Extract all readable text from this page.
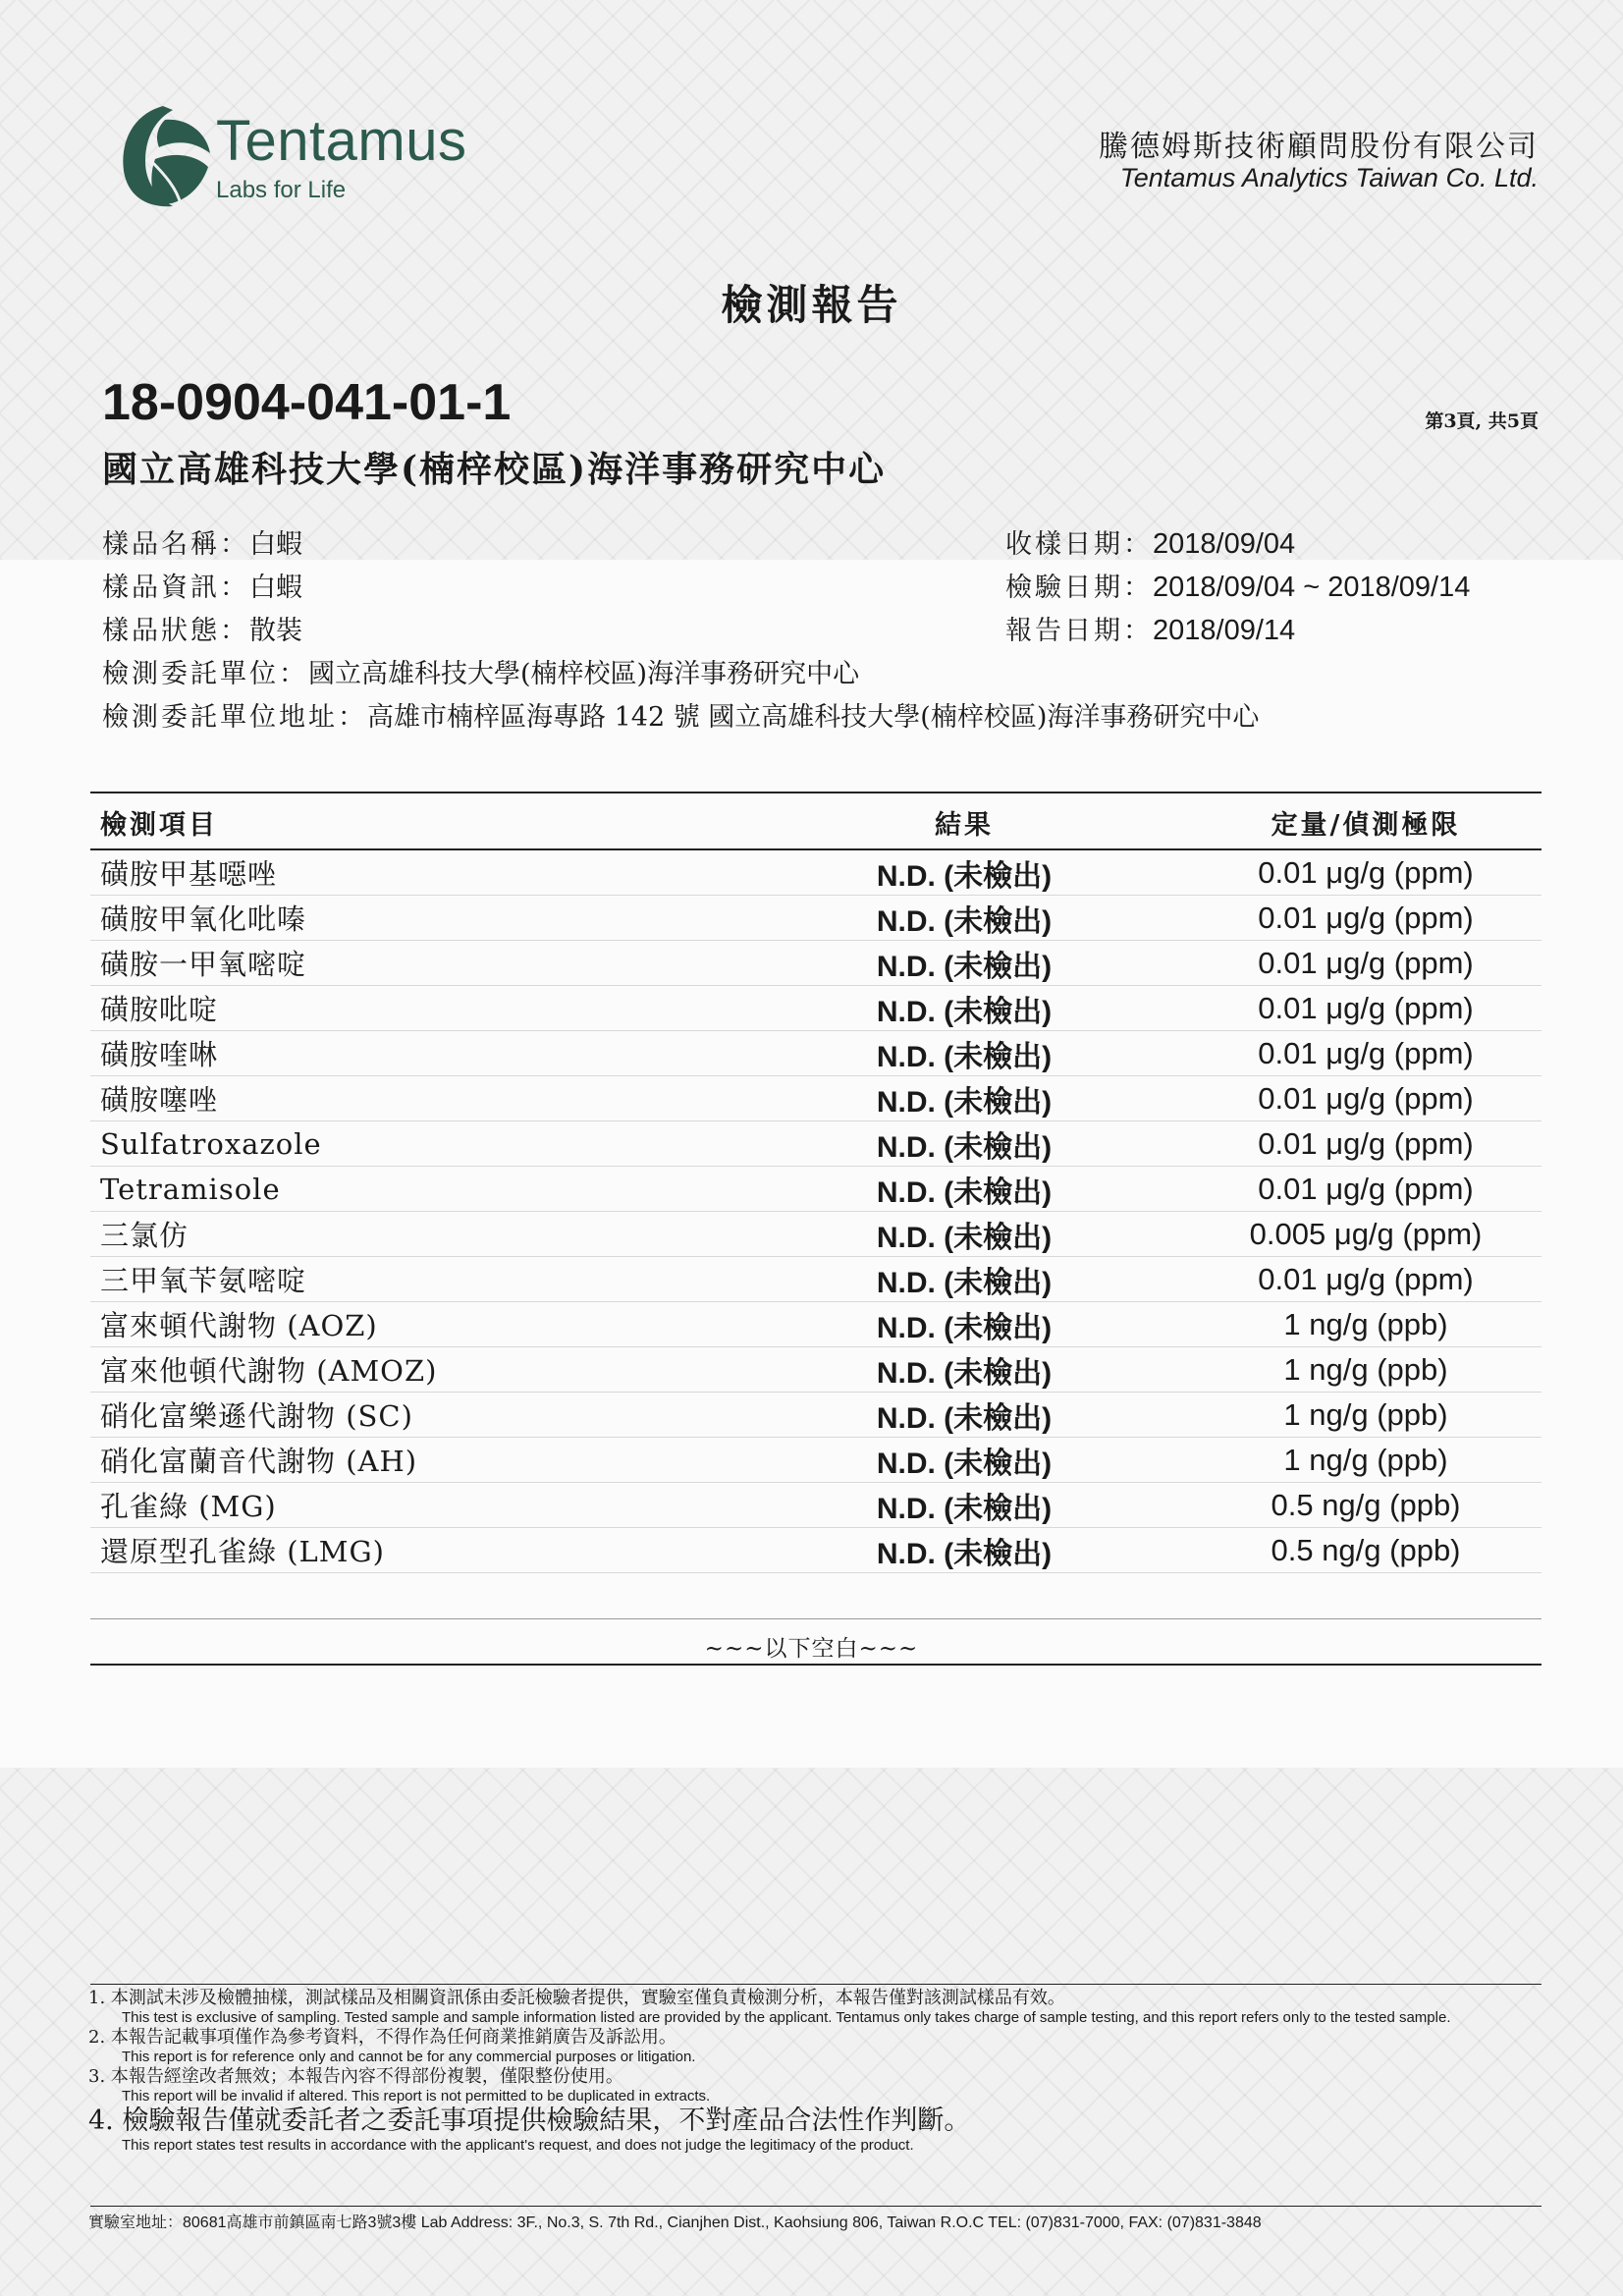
Tentamus
Labs for Life
騰德姆斯技術顧問股份有限公司
Tentamus Analytics Taiwan Co. Ltd.
檢測報告
18-0904-041-01-1	第3頁, 共5頁
國立高雄科技大學(楠梓校區)海洋事務研究中心
樣品名稱：白蝦
樣品資訊：白蝦
樣品狀態：散裝
檢測委託單位：國立高雄科技大學(楠梓校區)海洋事務研究中心
檢測委託單位地址：高雄市楠梓區海專路 142 號 國立高雄科技大學(楠梓校區)海洋事務研究中心
收樣日期：2018/09/04
檢驗日期：2018/09/04 ~ 2018/09/14
報告日期：2018/09/14
檢測項目	結果	定量/偵測極限
磺胺甲基噁唑	N.D. (未檢出)	0.01 μg/g (ppm)
磺胺甲氧化吡嗪	N.D. (未檢出)	0.01 μg/g (ppm)
磺胺一甲氧嘧啶	N.D. (未檢出)	0.01 μg/g (ppm)
磺胺吡啶	N.D. (未檢出)	0.01 μg/g (ppm)
磺胺喹啉	N.D. (未檢出)	0.01 μg/g (ppm)
磺胺噻唑	N.D. (未檢出)	0.01 μg/g (ppm)
Sulfatroxazole	N.D. (未檢出)	0.01 μg/g (ppm)
Tetramisole	N.D. (未檢出)	0.01 μg/g (ppm)
三氯仿	N.D. (未檢出)	0.005 μg/g (ppm)
三甲氧苄氨嘧啶	N.D. (未檢出)	0.01 μg/g (ppm)
富來頓代謝物 (AOZ)	N.D. (未檢出)	1 ng/g (ppb)
富來他頓代謝物 (AMOZ)	N.D. (未檢出)	1 ng/g (ppb)
硝化富樂遜代謝物 (SC)	N.D. (未檢出)	1 ng/g (ppb)
硝化富蘭音代謝物 (AH)	N.D. (未檢出)	1 ng/g (ppb)
孔雀綠 (MG)	N.D. (未檢出)	0.5 ng/g (ppb)
還原型孔雀綠 (LMG)	N.D. (未檢出)	0.5 ng/g (ppb)
~~~以下空白~~~
1. 本測試未涉及檢體抽樣，測試樣品及相關資訊係由委託檢驗者提供，實驗室僅負責檢測分析，本報告僅對該測試樣品有效。
This test is exclusive of sampling. Tested sample and sample information listed are provided by the applicant. Tentamus only takes charge of sample testing, and this report refers only to the tested sample.
2. 本報告記載事項僅作為參考資料，不得作為任何商業推銷廣告及訴訟用。
This report is for reference only and cannot be for any commercial purposes or litigation.
3. 本報告經塗改者無效；本報告內容不得部份複製，僅限整份使用。
This report will be invalid if altered. This report is not permitted to be duplicated in extracts.
4. 檢驗報告僅就委託者之委託事項提供檢驗結果，不對產品合法性作判斷。
This report states test results in accordance with the applicant's request, and does not judge the legitimacy of the product.
實驗室地址：80681高雄市前鎮區南七路3號3樓 Lab Address: 3F., No.3, S. 7th Rd., Cianjhen Dist., Kaohsiung 806, Taiwan R.O.C TEL: (07)831-7000, FAX: (07)831-3848
